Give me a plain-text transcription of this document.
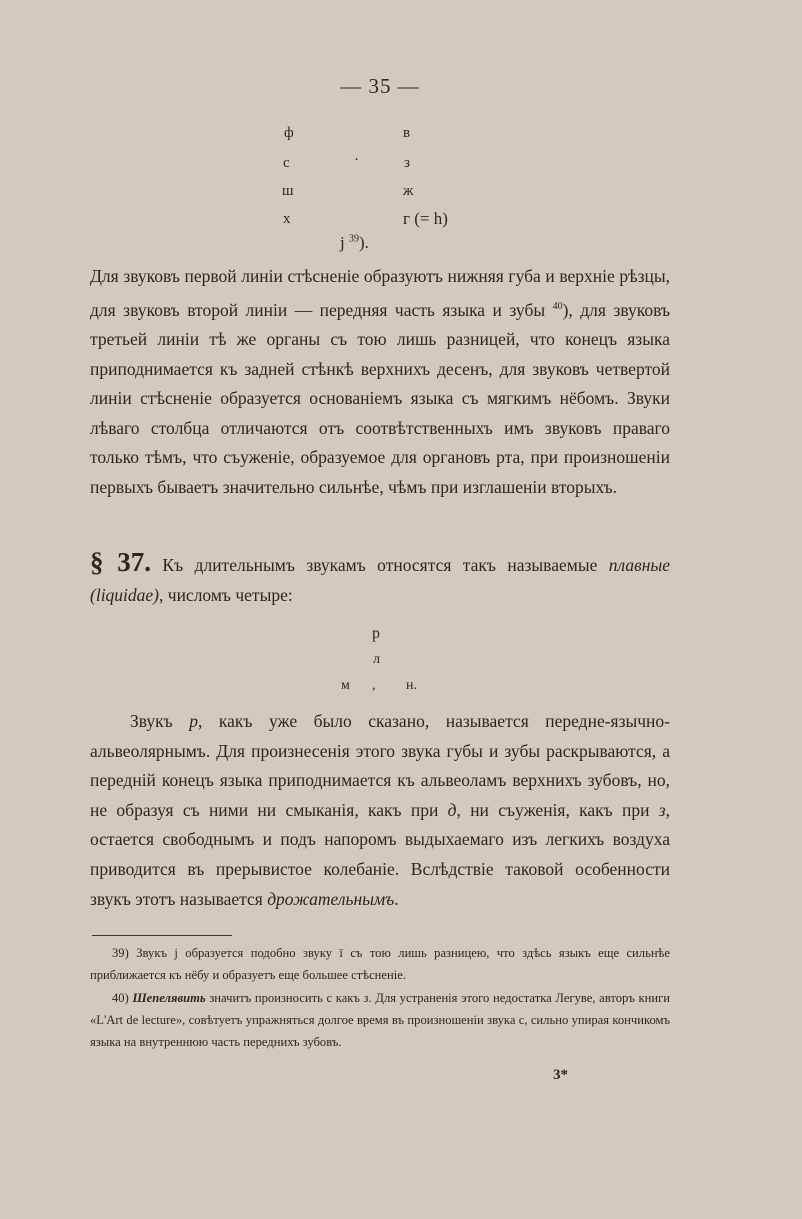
— 35 —
ф
с
ш
х
·
в
з
ж
г (= h)
j $^{39}$).
Для звуковъ первой линіи стѣсненіе образуютъ нижняя губа и верхніе рѣзцы, для звуковъ второй линіи — передняя часть языка и зубы $^{40}$), для звуковъ третьей линіи тѣ же органы съ тою лишь разницей, что конецъ языка приподнимается къ задней стѣнкѣ верхнихъ десенъ, для звуковъ четвертой линіи стѣсненіе образуется основаніемъ языка съ мягкимъ нёбомъ. Звуки лѣваго столбца отличаются отъ соотвѣтственныхъ имъ звуковъ праваго только тѣмъ, что съуженіе, образуемое для органовъ рта, при произношеніи первыхъ бываетъ значительно сильнѣе, чѣмъ при изглашеніи вторыхъ.
§ 37. Къ длительнымъ звукамъ относятся такъ называемые плавные (liquidae), числомъ четыре:
р
л
м , н.
Звукъ р, какъ уже было сказано, называется передне-язычно-альвеолярнымъ. Для произнесенія этого звука губы и зубы раскрываются, а передній конецъ языка приподнимается къ альвеоламъ верхнихъ зубовъ, но, не образуя съ ними ни смыканія, какъ при д, ни съуженія, какъ при з, остается свободнымъ и подъ напоромъ выдыхаемаго изъ легкихъ воздуха приводится въ прерывистое колебаніе. Вслѣдствіе таковой особенности звукъ этотъ называется дрожательнымъ.
39) Звукъ j образуется подобно звуку ї съ тою лишь разницею, что здѣсь языкъ еще сильнѣе приближается къ нёбу и образуетъ еще большее стѣсненіе.
40) Шепелявить значитъ произносить с какъ з. Для устраненія этого недостатка Легуве, авторъ книги «L'Art de lecture», совѣтуетъ упражняться долгое время въ произношеніи звука с, сильно упирая кончикомъ языка на внутреннюю часть переднихъ зубовъ.
3*
